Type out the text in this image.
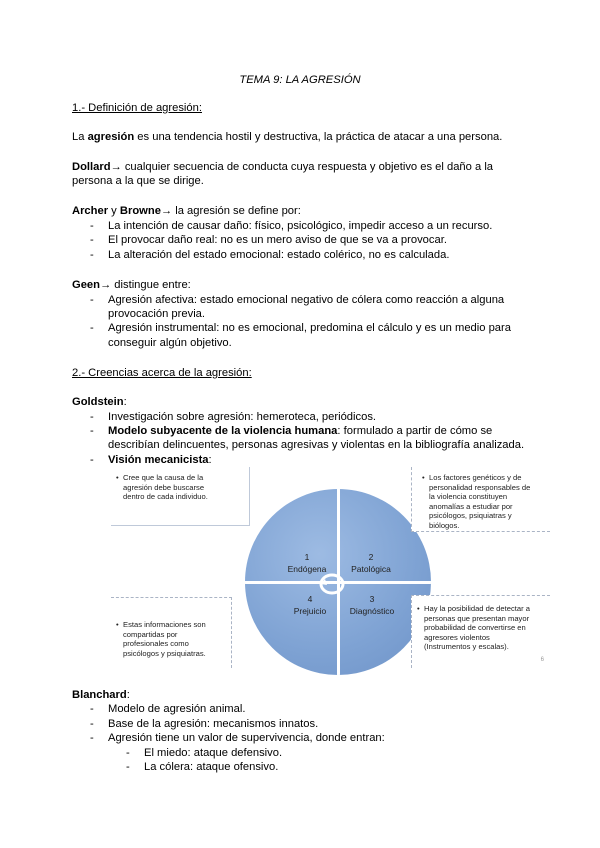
TEMA 9: LA AGRESIÓN
1.- Definición de agresión:
La agresión es una tendencia hostil y destructiva, la práctica de atacar a una persona.
Dollard→ cualquier secuencia de conducta cuya respuesta y objetivo es el daño a la
persona a la que se dirige.
Archer y Browne→ la agresión se define por:
-	La intención de causar daño: físico, psicológico, impedir acceso a un recurso.
-	El provocar daño real: no es un mero aviso de que se va a provocar.
-	La alteración del estado emocional: estado colérico, no es calculada.
Geen→ distingue entre:
-	Agresión afectiva: estado emocional negativo de cólera como reacción a alguna
provocación previa.
-	Agresión instrumental: no es emocional, predomina el cálculo y es un medio para
conseguir algún objetivo.
2.- Creencias acerca de la agresión:
Goldstein:
-	Investigación sobre agresión: hemeroteca, periódicos.
-	Modelo subyacente de la violencia humana: formulado a partir de cómo se
describían delincuentes, personas agresivas y violentas en la bibliografía analizada.
-	Visión mecanicista:
1
Endógena
2
Patológica
3
Diagnóstico
4
Prejuicio
• Cree que la causa de la
agresión debe buscarse
dentro de cada individuo.
• Los factores genéticos y de
personalidad responsables de
la violencia constituyen
anomalías a estudiar por
psicólogos, psiquiatras y
biólogos.
• Estas informaciones son
compartidas por
profesionales como
psicólogos y psiquiatras.
• Hay la posibilidad de detectar a
personas que presentan mayor
probabilidad de convertirse en
agresores violentos
(Instrumentos y escalas).
6
Blanchard:
-	Modelo de agresión animal.
-	Base de la agresión: mecanismos innatos.
-	Agresión tiene un valor de supervivencia, donde entran:
-	El miedo: ataque defensivo.
-	La cólera: ataque ofensivo.
